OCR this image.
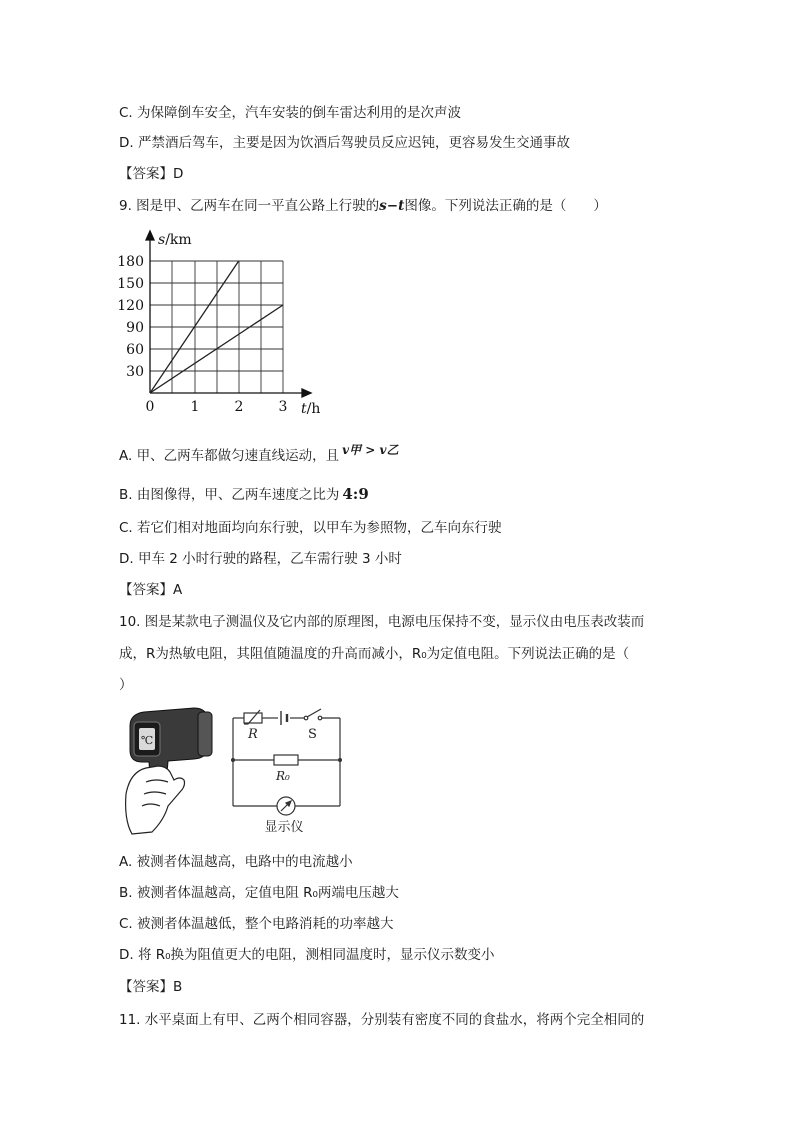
C. 为保障倒车安全，汽车安装的倒车雷达利用的是次声波
D. 严禁酒后驾车，主要是因为饮酒后驾驶员反应迟钝，更容易发生交通事故
【答案】D
9. 图是甲、乙两车在同一平直公路上行驶的s−t图像。下列说法正确的是（　　）
s/km
t/h
180
150
120
90
60
30
0	1	2	3
A. 甲、乙两车都做匀速直线运动，且 v甲 > v乙
B. 由图像得，甲、乙两车速度之比为 4:9
C. 若它们相对地面均向东行驶，以甲车为参照物，乙车向东行驶
D. 甲车 2 小时行驶的路程，乙车需行驶 3 小时
【答案】A
10. 图是某款电子测温仪及它内部的原理图，电源电压保持不变，显示仪由电压表改装而
成，R为热敏电阻，其阻值随温度的升高而减小，R₀为定值电阻。下列说法正确的是（
）
℃	R	S
R₀
显示仪
A. 被测者体温越高，电路中的电流越小
B. 被测者体温越高，定值电阻 R₀两端电压越大
C. 被测者体温越低，整个电路消耗的功率越大
D. 将 R₀换为阻值更大的电阻，测相同温度时，显示仪示数变小
【答案】B
11. 水平桌面上有甲、乙两个相同容器，分别装有密度不同的食盐水，将两个完全相同的
